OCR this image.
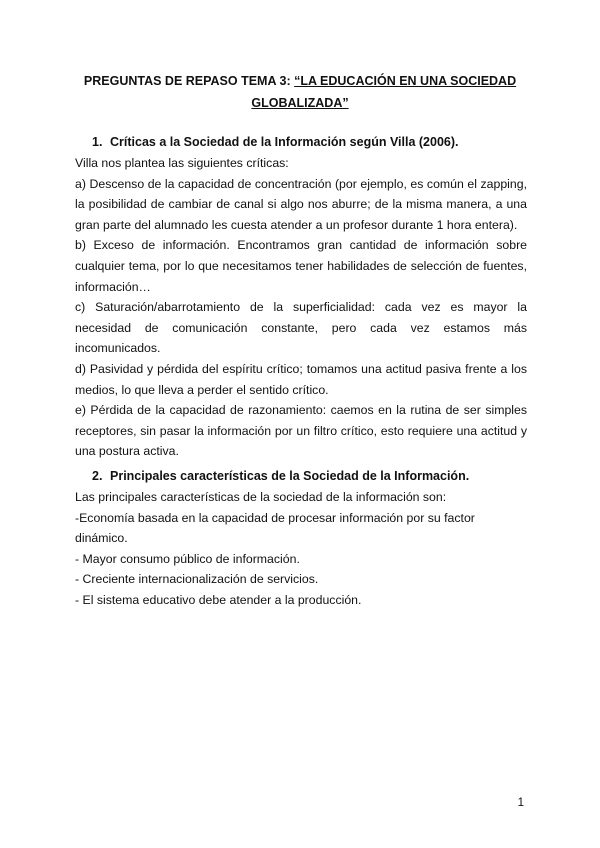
PREGUNTAS DE REPASO TEMA 3: “LA EDUCACIÓN EN UNA SOCIEDAD
GLOBALIZADA”
1. Críticas a la Sociedad de la Información según Villa (2006).

Villa nos plantea las siguientes críticas:

a) Descenso de la capacidad de concentración (por ejemplo, es común el zapping, la posibilidad de cambiar de canal si algo nos aburre; de la misma manera, a una gran parte del alumnado les cuesta atender a un profesor durante 1 hora entera).

b) Exceso de información. Encontramos gran cantidad de información sobre cualquier tema, por lo que necesitamos tener habilidades de selección de fuentes, información…

c) Saturación/abarrotamiento de la superficialidad: cada vez es mayor la necesidad de comunicación constante, pero cada vez estamos más incomunicados.

d) Pasividad y pérdida del espíritu crítico; tomamos una actitud pasiva frente a los medios, lo que lleva a perder el sentido crítico.

e) Pérdida de la capacidad de razonamiento: caemos en la rutina de ser simples receptores, sin pasar la información por un filtro crítico, esto requiere una actitud y una postura activa.

2. Principales características de la Sociedad de la Información.

Las principales características de la sociedad de la información son:

-Economía basada en la capacidad de procesar información por su factor dinámico.

- Mayor consumo público de información.

- Creciente internacionalización de servicios.

- El sistema educativo debe atender a la producción.

1
